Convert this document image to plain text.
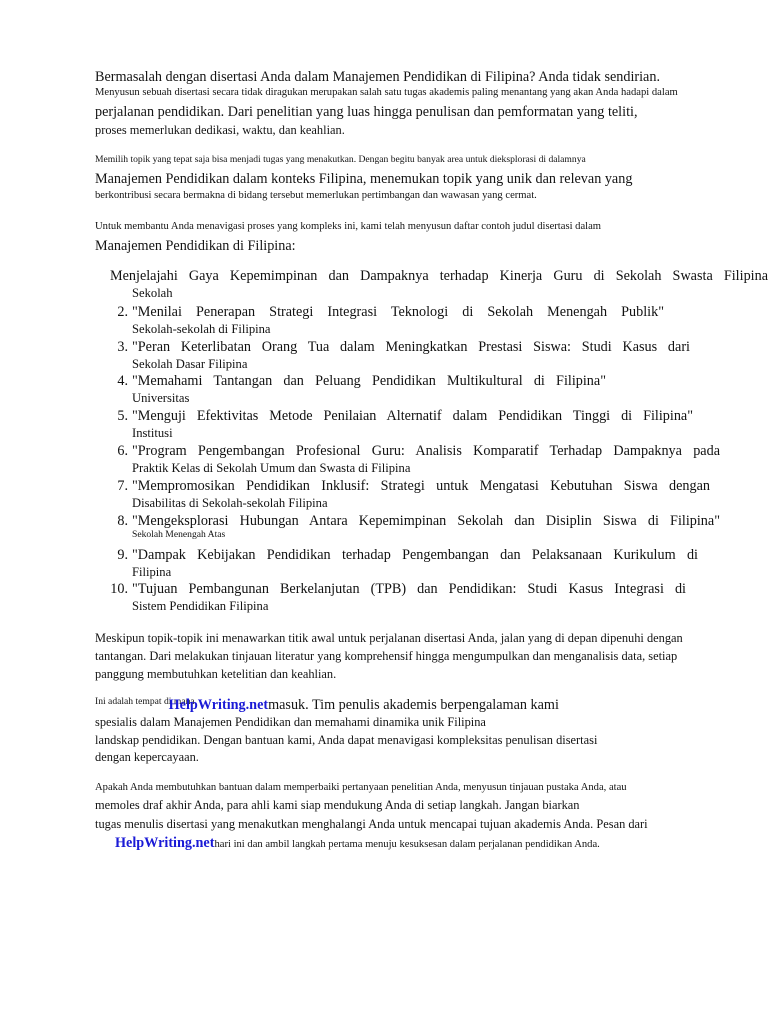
Bermasalah dengan disertasi Anda dalam Manajemen Pendidikan di Filipina? Anda tidak sendirian.
Menyusun sebuah disertasi secara tidak diragukan merupakan salah satu tugas akademis paling menantang yang akan Anda hadapi dalam
perjalanan pendidikan. Dari penelitian yang luas hingga penulisan dan pemformatan yang teliti,
proses memerlukan dedikasi, waktu, dan keahlian.
Memilih topik yang tepat saja bisa menjadi tugas yang menakutkan. Dengan begitu banyak area untuk dieksplorasi di dalamnya
Manajemen Pendidikan dalam konteks Filipina, menemukan topik yang unik dan relevan yang
berkontribusi secara bermakna di bidang tersebut memerlukan pertimbangan dan wawasan yang cermat.
Untuk membantu Anda menavigasi proses yang kompleks ini, kami telah menyusun daftar contoh judul disertasi dalam
Manajemen Pendidikan di Filipina:
Menjelajahi Gaya Kepemimpinan dan Dampaknya terhadap Kinerja Guru di Sekolah Swasta Filipina
Sekolah
2. "Menilai Penerapan Strategi Integrasi Teknologi di Sekolah Menengah Publik"
Sekolah-sekolah di Filipina
3. "Peran Keterlibatan Orang Tua dalam Meningkatkan Prestasi Siswa: Studi Kasus dari
Sekolah Dasar Filipina
4. "Memahami Tantangan dan Peluang Pendidikan Multikultural di Filipina"
Universitas
5. "Menguji Efektivitas Metode Penilaian Alternatif dalam Pendidikan Tinggi di Filipina"
Institusi
6. "Program Pengembangan Profesional Guru: Analisis Komparatif Terhadap Dampaknya pada
Praktik Kelas di Sekolah Umum dan Swasta di Filipina
7. "Mempromosikan Pendidikan Inklusif: Strategi untuk Mengatasi Kebutuhan Siswa dengan
Disabilitas di Sekolah-sekolah Filipina
8. "Mengeksplorasi Hubungan Antara Kepemimpinan Sekolah dan Disiplin Siswa di Filipina"
Sekolah Menengah Atas
9. "Dampak Kebijakan Pendidikan terhadap Pengembangan dan Pelaksanaan Kurikulum di
Filipina
10. "Tujuan Pembangunan Berkelanjutan (TPB) dan Pendidikan: Studi Kasus Integrasi di
Sistem Pendidikan Filipina
Meskipun topik-topik ini menawarkan titik awal untuk perjalanan disertasi Anda, jalan yang di depan dipenuhi dengan
tantangan. Dari melakukan tinjauan literatur yang komprehensif hingga mengumpulkan dan menganalisis data, setiap
panggung membutuhkan ketelitian dan keahlian.
$^{Ini adalah tempat di mana}$HelpWriting.netmasuk. Tim penulis akademis berpengalaman kami
spesialis dalam Manajemen Pendidikan dan memahami dinamika unik Filipina
landskap pendidikan. Dengan bantuan kami, Anda dapat menavigasi kompleksitas penulisan disertasi
dengan kepercayaan.
Apakah Anda membutuhkan bantuan dalam memperbaiki pertanyaan penelitian Anda, menyusun tinjauan pustaka Anda, atau
memoles draf akhir Anda, para ahli kami siap mendukung Anda di setiap langkah. Jangan biarkan
tugas menulis disertasi yang menakutkan menghalangi Anda untuk mencapai tujuan akademis Anda. Pesan dari
HelpWriting.nethari ini dan ambil langkah pertama menuju kesuksesan dalam perjalanan pendidikan Anda.
